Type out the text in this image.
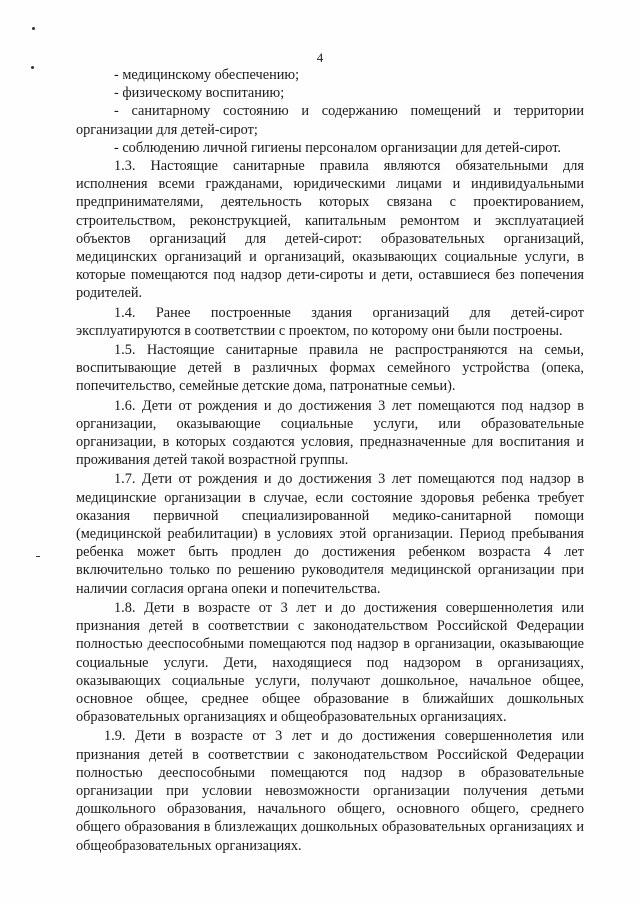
4

- медицинскому обеспечению;

- физическому воспитанию;

- санитарному состоянию и содержанию помещений и территории организации для детей-сирот;

- соблюдению личной гигиены персоналом организации для детей-сирот.

1.3. Настоящие санитарные правила являются обязательными для исполнения всеми гражданами, юридическими лицами и индивидуальными предпринимателями, деятельность которых связана с проектированием, строительством, реконструкцией, капитальным ремонтом и эксплуатацией объектов организаций для детей-сирот: образовательных организаций, медицинских организаций и организаций, оказывающих социальные услуги, в которые помещаются под надзор дети-сироты и дети, оставшиеся без попечения родителей.

1.4. Ранее построенные здания организаций для детей-сирот эксплуатируются в соответствии с проектом, по которому они были построены.

1.5. Настоящие санитарные правила не распространяются на семьи, воспитывающие детей в различных формах семейного устройства (опека, попечительство, семейные детские дома, патронатные семьи).

1.6. Дети от рождения и до достижения 3 лет помещаются под надзор в организации, оказывающие социальные услуги, или образовательные организации, в которых создаются условия, предназначенные для воспитания и проживания детей такой возрастной группы.

1.7. Дети от рождения и до достижения 3 лет помещаются под надзор в медицинские организации в случае, если состояние здоровья ребенка требует оказания первичной специализированной медико-санитарной помощи (медицинской реабилитации) в условиях этой организации. Период пребывания ребенка может быть продлен до достижения ребенком возраста 4 лет включительно только по решению руководителя медицинской организации при наличии согласия органа опеки и попечительства.

1.8. Дети в возрасте от 3 лет и до достижения совершеннолетия или признания детей в соответствии с законодательством Российской Федерации полностью дееспособными помещаются под надзор в организации, оказывающие социальные услуги. Дети, находящиеся под надзором в организациях, оказывающих социальные услуги, получают дошкольное, начальное общее, основное общее, среднее общее образование в ближайших дошкольных образовательных организациях и общеобразовательных организациях.

1.9. Дети в возрасте от 3 лет и до достижения совершеннолетия или признания детей в соответствии с законодательством Российской Федерации полностью дееспособными помещаются под надзор в образовательные организации при условии невозможности организации получения детьми дошкольного образования, начального общего, основного общего, среднего общего образования в близлежащих дошкольных образовательных организациях и общеобразовательных организациях.
